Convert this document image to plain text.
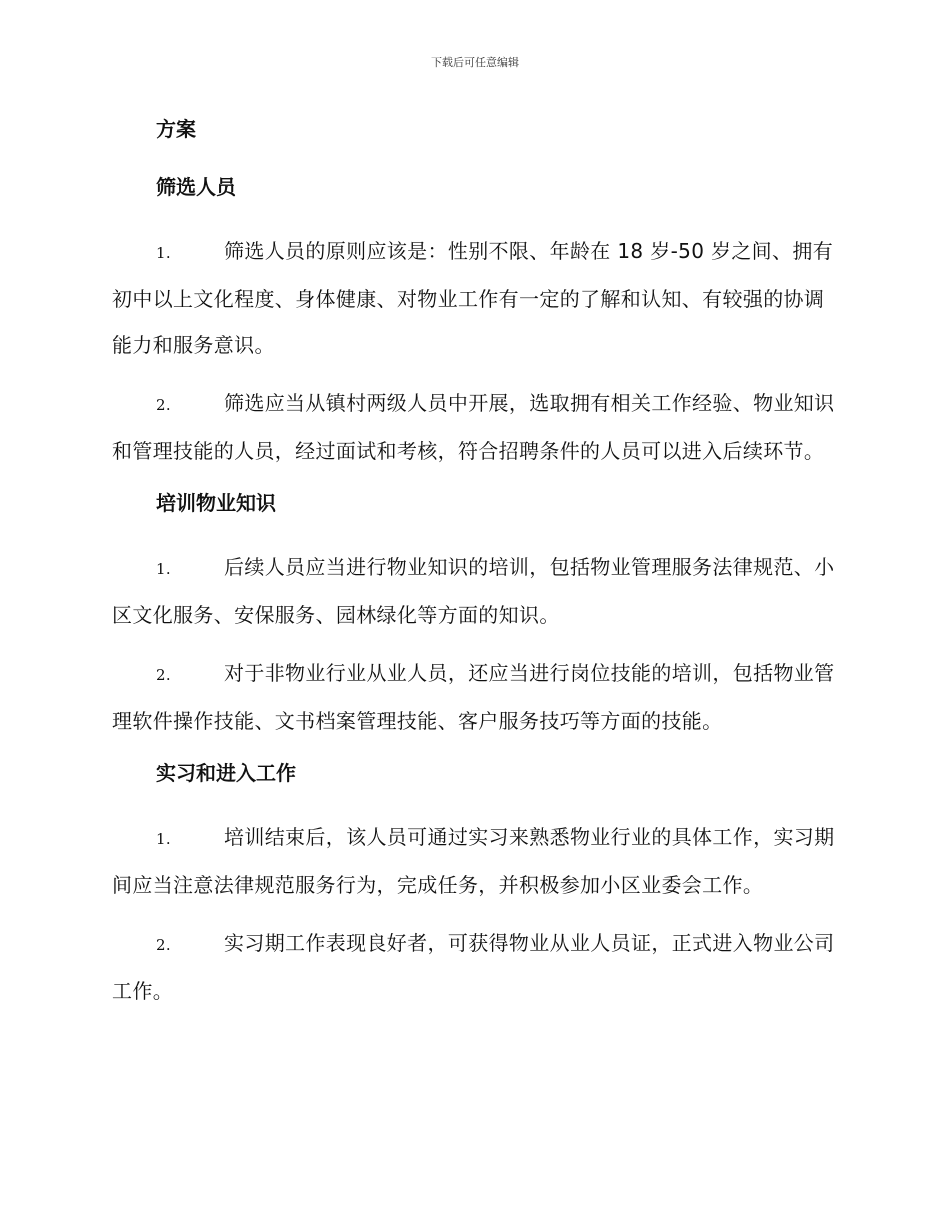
下载后可任意编辑
方案
筛选人员

1.	筛选人员的原则应该是：性别不限、年龄在 18 岁-50 岁之间、拥有初中以上文化程度、身体健康、对物业工作有一定的了解和认知、有较强的协调能力和服务意识。

2.	筛选应当从镇村两级人员中开展，选取拥有相关工作经验、物业知识和管理技能的人员，经过面试和考核，符合招聘条件的人员可以进入后续环节。

培训物业知识

1.	后续人员应当进行物业知识的培训，包括物业管理服务法律规范、小区文化服务、安保服务、园林绿化等方面的知识。

2.	对于非物业行业从业人员，还应当进行岗位技能的培训，包括物业管理软件操作技能、文书档案管理技能、客户服务技巧等方面的技能。

实习和进入工作

1.	培训结束后，该人员可通过实习来熟悉物业行业的具体工作，实习期间应当注意法律规范服务行为，完成任务，并积极参加小区业委会工作。

2.	实习期工作表现良好者，可获得物业从业人员证，正式进入物业公司工作。
